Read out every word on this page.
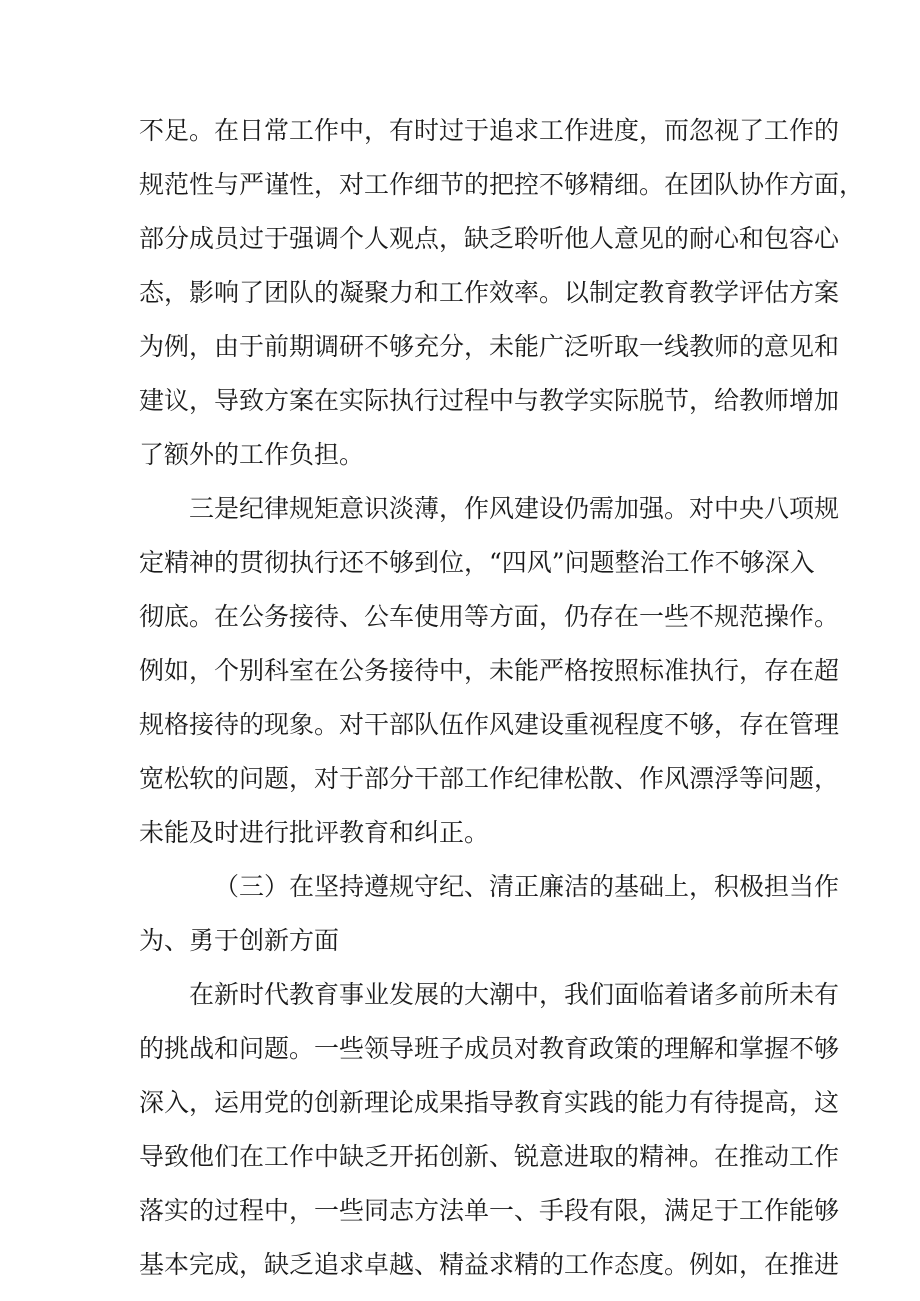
不足。在日常工作中，有时过于追求工作进度，而忽视了工作的
规范性与严谨性，对工作细节的把控不够精细。在团队协作方面，
部分成员过于强调个人观点，缺乏聆听他人意见的耐心和包容心
态，影响了团队的凝聚力和工作效率。以制定教育教学评估方案
为例，由于前期调研不够充分，未能广泛听取一线教师的意见和
建议，导致方案在实际执行过程中与教学实际脱节，给教师增加
了额外的工作负担。
三是纪律规矩意识淡薄，作风建设仍需加强。对中央八项规
定精神的贯彻执行还不够到位，“四风”问题整治工作不够深入
彻底。在公务接待、公车使用等方面，仍存在一些不规范操作。
例如，个别科室在公务接待中，未能严格按照标准执行，存在超
规格接待的现象。对干部队伍作风建设重视程度不够，存在管理
宽松软的问题，对于部分干部工作纪律松散、作风漂浮等问题，
未能及时进行批评教育和纠正。
（三）在坚持遵规守纪、清正廉洁的基础上，积极担当作
为、勇于创新方面
在新时代教育事业发展的大潮中，我们面临着诸多前所未有
的挑战和问题。一些领导班子成员对教育政策的理解和掌握不够
深入，运用党的创新理论成果指导教育实践的能力有待提高，这
导致他们在工作中缺乏开拓创新、锐意进取的精神。在推动工作
落实的过程中，一些同志方法单一、手段有限，满足于工作能够
基本完成，缺乏追求卓越、精益求精的工作态度。例如，在推进
